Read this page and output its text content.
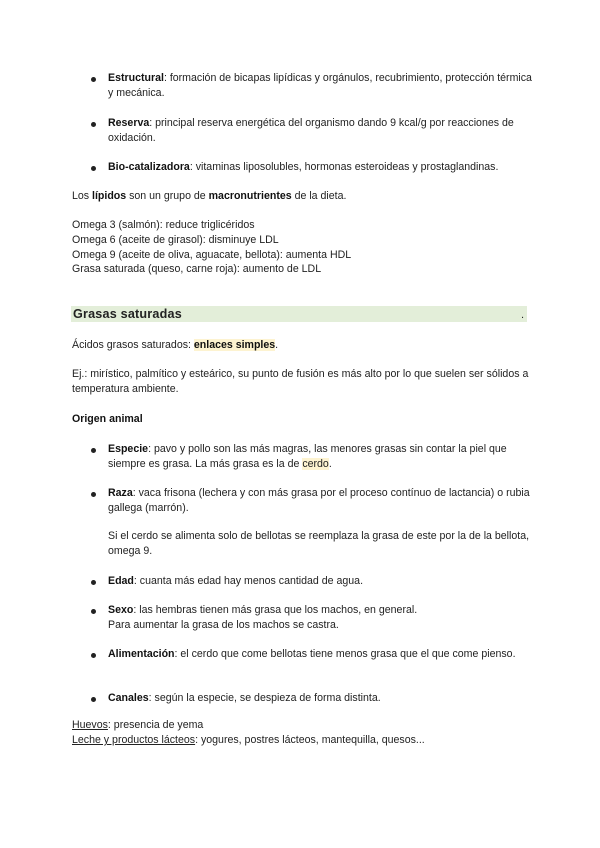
Estructural: formación de bicapas lipídicas y orgánulos, recubrimiento, protección térmica y mecánica.
Reserva: principal reserva energética del organismo dando 9 kcal/g por reacciones de oxidación.
Bio-catalizadora: vitaminas liposolubles, hormonas esteroideas y prostaglandinas.
Los lípidos son un grupo de macronutrientes de la dieta.
Omega 3 (salmón): reduce triglicéridos
Omega 6 (aceite de girasol): disminuye LDL
Omega 9 (aceite de oliva, aguacate, bellota): aumenta HDL
Grasa saturada (queso, carne roja): aumento de LDL
Grasas saturadas	.
Ácidos grasos saturados: enlaces simples.
Ej.: mirístico, palmítico y esteárico, su punto de fusión es más alto por lo que suelen ser sólidos a temperatura ambiente.
Origen animal
Especie: pavo y pollo son las más magras, las menores grasas sin contar la piel que siempre es grasa. La más grasa es la de cerdo.
Raza: vaca frisona (lechera y con más grasa por el proceso contínuo de lactancia) o rubia gallega (marrón).
Si el cerdo se alimenta solo de bellotas se reemplaza la grasa de este por la de la bellota, omega 9.
Edad: cuanta más edad hay menos cantidad de agua.
Sexo: las hembras tienen más grasa que los machos, en general.
Para aumentar la grasa de los machos se castra.
Alimentación: el cerdo que come bellotas tiene menos grasa que el que come pienso.
Canales: según la especie, se despieza de forma distinta.
Huevos: presencia de yema
Leche y productos lácteos: yogures, postres lácteos, mantequilla, quesos...
